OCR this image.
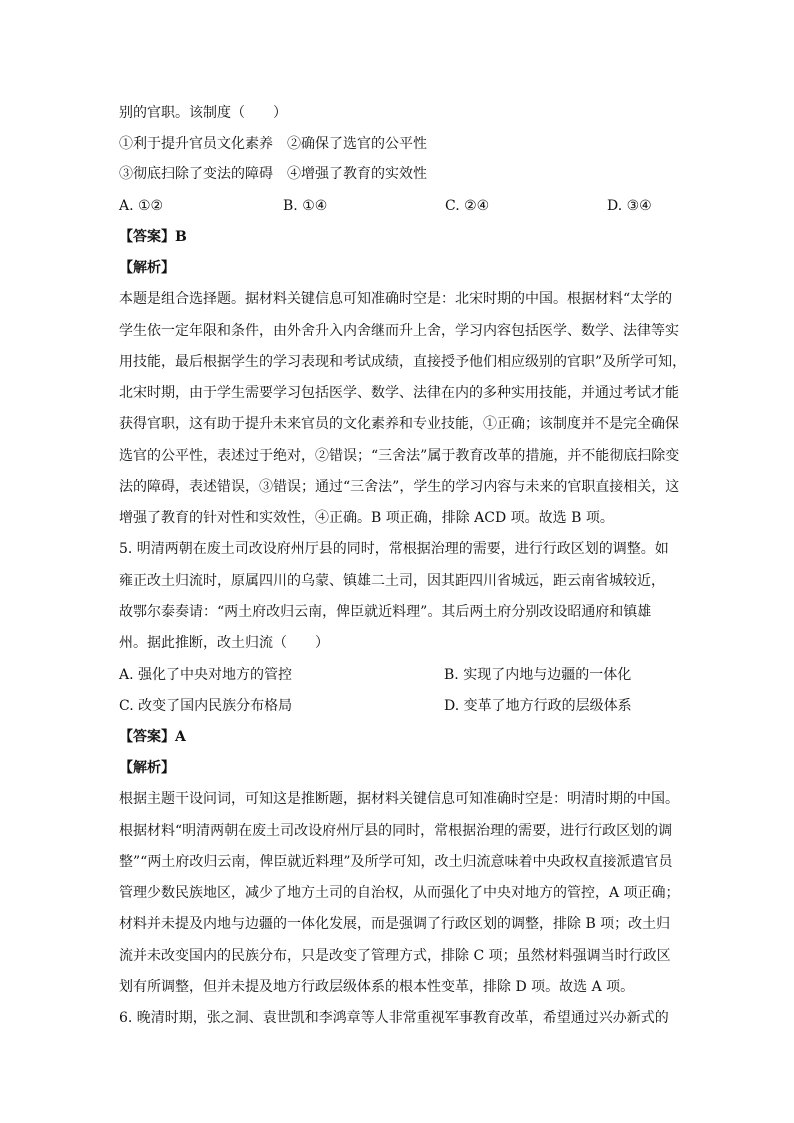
别的官职。该制度（　　）
①利于提升官员文化素养　②确保了选官的公平性
③彻底扫除了变法的障碍　④增强了教育的实效性
A. ①②	B. ①④	C. ②④	D. ③④
【答案】B
【解析】
本题是组合选择题。据材料关键信息可知准确时空是：北宋时期的中国。根据材料“太学的
学生依一定年限和条件，由外舍升入内舍继而升上舍，学习内容包括医学、数学、法律等实
用技能，最后根据学生的学习表现和考试成绩，直接授予他们相应级别的官职”及所学可知，
北宋时期，由于学生需要学习包括医学、数学、法律在内的多种实用技能，并通过考试才能
获得官职，这有助于提升未来官员的文化素养和专业技能，①正确；该制度并不是完全确保
选官的公平性，表述过于绝对，②错误；“三舍法”属于教育改革的措施，并不能彻底扫除变
法的障碍，表述错误，③错误；通过“三舍法”，学生的学习内容与未来的官职直接相关，这
增强了教育的针对性和实效性，④正确。B 项正确，排除 ACD 项。故选 B 项。
5. 明清两朝在废土司改设府州厅县的同时，常根据治理的需要，进行行政区划的调整。如
雍正改土归流时，原属四川的乌蒙、镇雄二土司，因其距四川省城远，距云南省城较近，
故鄂尔泰奏请：“两土府改归云南，俾臣就近料理”。其后两土府分别改设昭通府和镇雄
州。据此推断，改土归流（　　）
A. 强化了中央对地方的管控	B. 实现了内地与边疆的一体化
C. 改变了国内民族分布格局	D. 变革了地方行政的层级体系
【答案】A
【解析】
根据主题干设问词，可知这是推断题，据材料关键信息可知准确时空是：明清时期的中国。
根据材料“明清两朝在废土司改设府州厅县的同时，常根据治理的需要，进行行政区划的调
整”“两土府改归云南，俾臣就近料理”及所学可知，改土归流意味着中央政权直接派遣官员
管理少数民族地区，减少了地方土司的自治权，从而强化了中央对地方的管控，A 项正确；
材料并未提及内地与边疆的一体化发展，而是强调了行政区划的调整，排除 B 项；改土归
流并未改变国内的民族分布，只是改变了管理方式，排除 C 项；虽然材料强调当时行政区
划有所调整，但并未提及地方行政层级体系的根本性变革，排除 D 项。故选 A 项。
6. 晚清时期，张之洞、袁世凯和李鸿章等人非常重视军事教育改革，希望通过兴办新式的
